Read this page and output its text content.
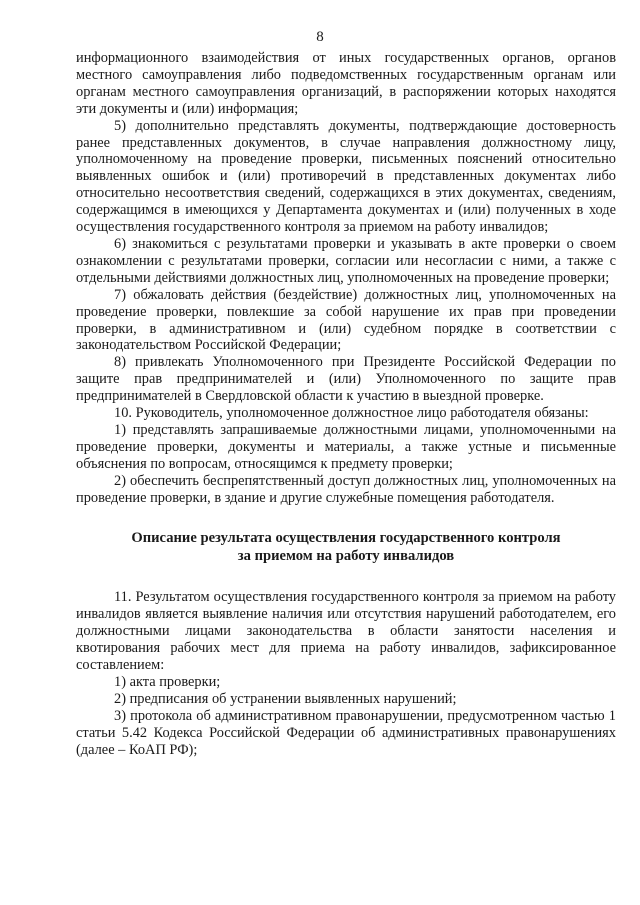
8

информационного взаимодействия от иных государственных органов, органов местного самоуправления либо подведомственных государственным органам или органам местного самоуправления организаций, в распоряжении которых находятся эти документы и (или) информация;

5) дополнительно представлять документы, подтверждающие достоверность ранее представленных документов, в случае направления должностному лицу, уполномоченному на проведение проверки, письменных пояснений относительно выявленных ошибок и (или) противоречий в представленных документах либо относительно несоответствия сведений, содержащихся в этих документах, сведениям, содержащимся в имеющихся у Департамента документах и (или) полученных в ходе осуществления государственного контроля за приемом на работу инвалидов;

6) знакомиться с результатами проверки и указывать в акте проверки о своем ознакомлении с результатами проверки, согласии или несогласии с ними, а также с отдельными действиями должностных лиц, уполномоченных на проведение проверки;

7) обжаловать действия (бездействие) должностных лиц, уполномоченных на проведение проверки, повлекшие за собой нарушение их прав при проведении проверки, в административном и (или) судебном порядке в соответствии с законодательством Российской Федерации;

8) привлекать Уполномоченного при Президенте Российской Федерации по защите прав предпринимателей и (или) Уполномоченного по защите прав предпринимателей в Свердловской области к участию в выездной проверке.

10. Руководитель, уполномоченное должностное лицо работодателя обязаны:

1) представлять запрашиваемые должностными лицами, уполномоченными на проведение проверки, документы и материалы, а также устные и письменные объяснения по вопросам, относящимся к предмету проверки;

2) обеспечить беспрепятственный доступ должностных лиц, уполномоченных на проведение проверки, в здание и другие служебные помещения работодателя.

Описание результата осуществления государственного контроля
за приемом на работу инвалидов

11. Результатом осуществления государственного контроля за приемом на работу инвалидов является выявление наличия или отсутствия нарушений работодателем, его должностными лицами законодательства в области занятости населения и квотирования рабочих мест для приема на работу инвалидов, зафиксированное составлением:

1) акта проверки;

2) предписания об устранении выявленных нарушений;

3) протокола об административном правонарушении, предусмотренном частью 1 статьи 5.42 Кодекса Российской Федерации об административных правонарушениях (далее – КоАП РФ);
